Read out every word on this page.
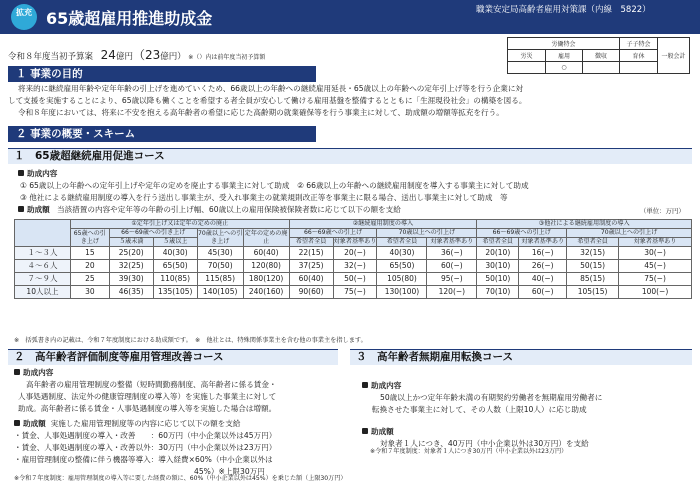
拡充 65歳超雇用推進助成金	職業安定局高齢者雇用対策課（内線　5822）
令和８年度当初予算案 24億円（23億円） ※（）内は前年度当初予算額
労働特会			子子特会	一般会計
労災	雇用	徴収	育休	
	○			
１ 事業の目的
将来的に継続雇用年齢や定年年齢の引上げを進めていくため、66歳以上の年齢への継続雇用延長・65歳以上の年齢への定年引上げ等を行う企業に対
して支援を実施することにより、65歳以降も働くことを希望する者全員が安心して働ける雇用基盤を整備するとともに「生涯現役社会」の構築を図る。
令和８年度においては、将来に不安を抱える高年齢者の希望に応じた高齢期の就業確保等を行う事業主に対して、助成額の増額等拡充を行う。
２ 事業の概要・スキーム
１　65歳超継続雇用促進コース
助成内容
① 65歳以上の年齢への定年引上げや定年の定めを廃止する事業主に対して助成　② 66歳以上の年齢への継続雇用制度を導入する事業主に対して助成
③ 他社による継続雇用制度の導入を行う送出し事業主が、受入れ事業主の就業規則改正等を事業主に限る場合、送出し事業主に対して助成　等
助成額 当該措置の内容や定年等の年齢の引上げ幅、60歳以上の雇用保険被保険者数に応じて以下の額を支給	（単位：万円）
	①定年引上げ又は定年の定めの廃止					②継続雇用制度の導入				③他社による継続雇用制度の導入			
	65歳への引き上げ	66〜69歳への引き上げ		70歳以上への引き上げ	定年の定めの廃止	66〜69歳への引上げ		70歳以上への引上げ		66〜69歳への引上げ		70歳以上への引上げ	
		５歳未満	５歳以上			希望者全員	対象者基準あり	希望者全員	対象者基準あり	希望者全員	対象者基準あり	希望者全員	対象者基準あり
１〜３人	15	25(20)	40(30)	45(30)	60(40)	22(15)	20(−)	40(30)	36(−)	20(10)	16(−)	32(15)	30(−)
４〜６人	20	32(25)	65(50)	70(50)	120(80)	37(25)	32(−)	65(50)	60(−)	30(10)	26(−)	50(15)	45(−)
７〜９人	25	39(30)	110(85)	115(85)	180(120)	60(40)	50(−)	105(80)	95(−)	50(10)	40(−)	85(15)	75(−)
10人以上	30	46(35)	135(105)	140(105)	240(160)	90(60)	75(−)	130(100)	120(−)	70(10)	60(−)	105(15)	100(−)
※　括弧書き内の記載は、令和７年度制度における助成額です。　※　他社とは、特殊関係事業主を含む他の事業主を指します。
２　高年齢者評価制度等雇用管理改善コース	３　高年齢者無期雇用転換コース
助成内容
高年齢者の雇用管理制度の整備（短時間勤務制度、高年齢者に係る賃金・
人事処遇制度、法定外の健康管理制度の導入等）を実施した事業主に対して
助成。高年齢者に係る賃金・人事処遇制度の導入等を実施した場合は増額。
助成額 実施した雇用管理制度等の内容に応じて以下の額を支給
・賃金、人事処遇制度の導入・改善　　：60万円（中小企業以外は45万円）
・賃金、人事処遇制度の導入・改善以外：30万円（中小企業以外は23万円）
・雇用管理制度の整備に伴う機器等導入：導入経費×60%（中小企業以外は
45%）※上限30万円
※令和７年度制度：雇用管理制度の導入等に要した経費の額に、60%（中小企業以外は45%）を乗じた額（上限30万円）
助成内容
50歳以上かつ定年年齢未満の有期契約労働者を無期雇用労働者に
転換させた事業主に対して、その人数（上限10人）に応じ助成
助成額
対象者１人につき、40万円（中小企業以外は30万円）を支給
※令和７年度制度：対象者１人につき30万円（中小企業以外は23万円）
